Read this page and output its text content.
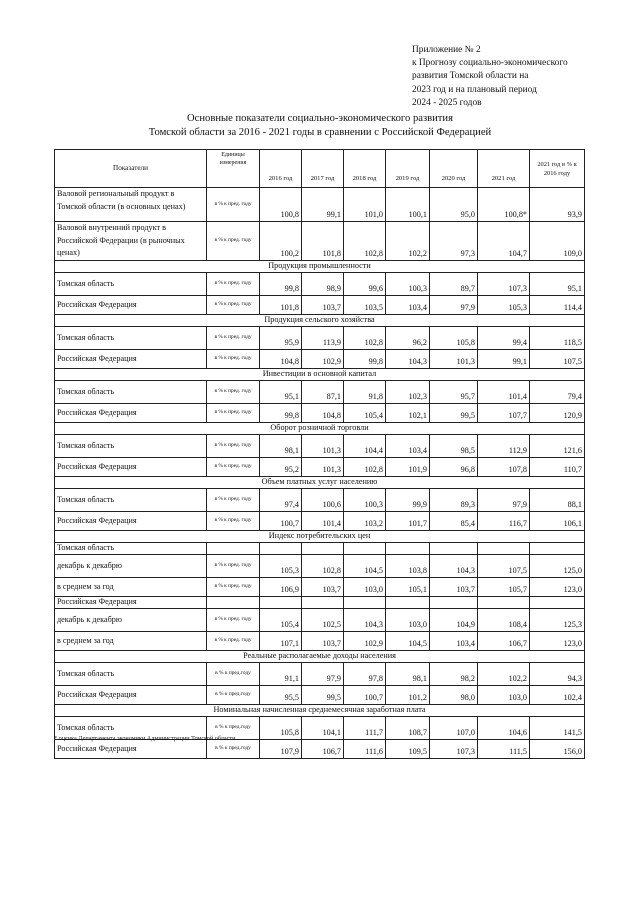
Приложение № 2
к Прогнозу социально-экономического
развития Томской области на
2023 год и на плановый период
2024 - 2025 годов
Основные показатели социально-экономического развития
Томской области за 2016 - 2021 годы в сравнении с Российской Федерацией
Показатели	Единицы измерения	2016 год	2017 год	2018 год	2019 год	2020 год	2021 год	2021 год в % к 2016 году
Валовой региональный продукт в Томской области (в основных ценах)	в % к пред. году	100,8	99,1	101,0	100,1	95,0	100,8*	93,9
Валовой внутренний продукт в Российской Федерации (в рыночных ценах)	в % к пред. году	100,2	101,8	102,8	102,2	97,3	104,7	109,0
Продукция промышленности								
Томская область	в % к пред. году	99,8	98,9	99,6	100,3	89,7	107,3	95,1
Российская Федерация	в % к пред. году	101,8	103,7	103,5	103,4	97,9	105,3	114,4
Продукция сельского хозяйства								
Томская область	в % к пред. году	95,9	113,9	102,8	96,2	105,8	99,4	118,5
Российская Федерация	в % к пред. году	104,8	102,9	99,8	104,3	101,3	99,1	107,5
Инвестиции в основной капитал								
Томская область	в % к пред. году	95,1	87,1	91,8	102,3	95,7	101,4	79,4
Российская Федерация	в % к пред. году	99,8	104,8	105,4	102,1	99,5	107,7	120,9
Оборот розничной торговли								
Томская область	в % к пред. году	98,1	101,3	104,4	103,4	98,5	112,9	121,6
Российская Федерация	в % к пред. году	95,2	101,3	102,8	101,9	96,8	107,8	110,7
Объем платных услуг населению								
Томская область	в % к пред. году	97,4	100,6	100,3	99,9	89,3	97,9	88,1
Российская Федерация	в % к пред. году	100,7	101,4	103,2	101,7	85,4	116,7	106,1
Индекс потребительских цен								
Томская область								
декабрь к декабрю	в % к пред. году	105,3	102,8	104,5	103,8	104,3	107,5	125,0
в среднем за год	в % к пред. году	106,9	103,7	103,0	105,1	103,7	105,7	123,0
Российская Федерация								
декабрь к декабрю	в % к пред. году	105,4	102,5	104,3	103,0	104,9	108,4	125,3
в среднем за год	в % к пред. году	107,1	103,7	102,9	104,5	103,4	106,7	123,0
Реальные располагаемые доходы населения								
Томская область	в % к пред.году	91,1	97,9	97,8	98,1	98,2	102,2	94,3
Российская Федерация	в % к пред.году	95,5	99,5	100,7	101,2	98,0	103,0	102,4
Номинальная начисленная среднемесячная заработная плата								
Томская область	в % к пред.году	105,8	104,1	111,7	108,7	107,0	104,6	141,5
Российская Федерация	в % к пред.году	107,9	106,7	111,6	109,5	107,3	111,5	156,0
* оценка Департамента экономики Администрации Томской области
